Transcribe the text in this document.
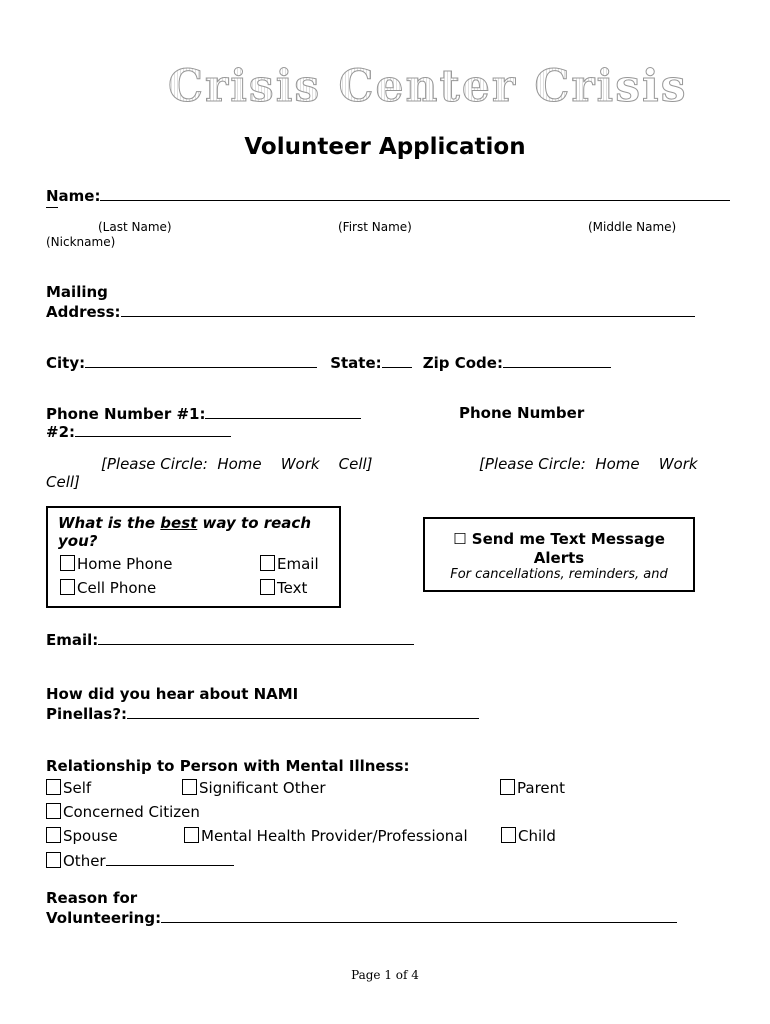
Crisis Center Crisis
Volunteer Application
Name:
(Last Name)	(First Name)	(Middle Name)
(Nickname)
Mailing
Address:
City:	State:	Zip Code:
Phone Number #1:	Phone Number
#2:
[Please Circle:  Home    Work    Cell]	[Please Circle:  Home    Work
Cell]
What is the best way to reach
you?
Home Phone	Email
Cell Phone	Text
☐ Send me Text Message
Alerts
For cancellations, reminders, and
Email:
How did you hear about NAMI
Pinellas?:
Relationship to Person with Mental Illness:
Self	Significant Other	Parent
Concerned Citizen
Spouse	Mental Health Provider/Professional	Child
Other
Reason for
Volunteering:
Page 1 of 4
